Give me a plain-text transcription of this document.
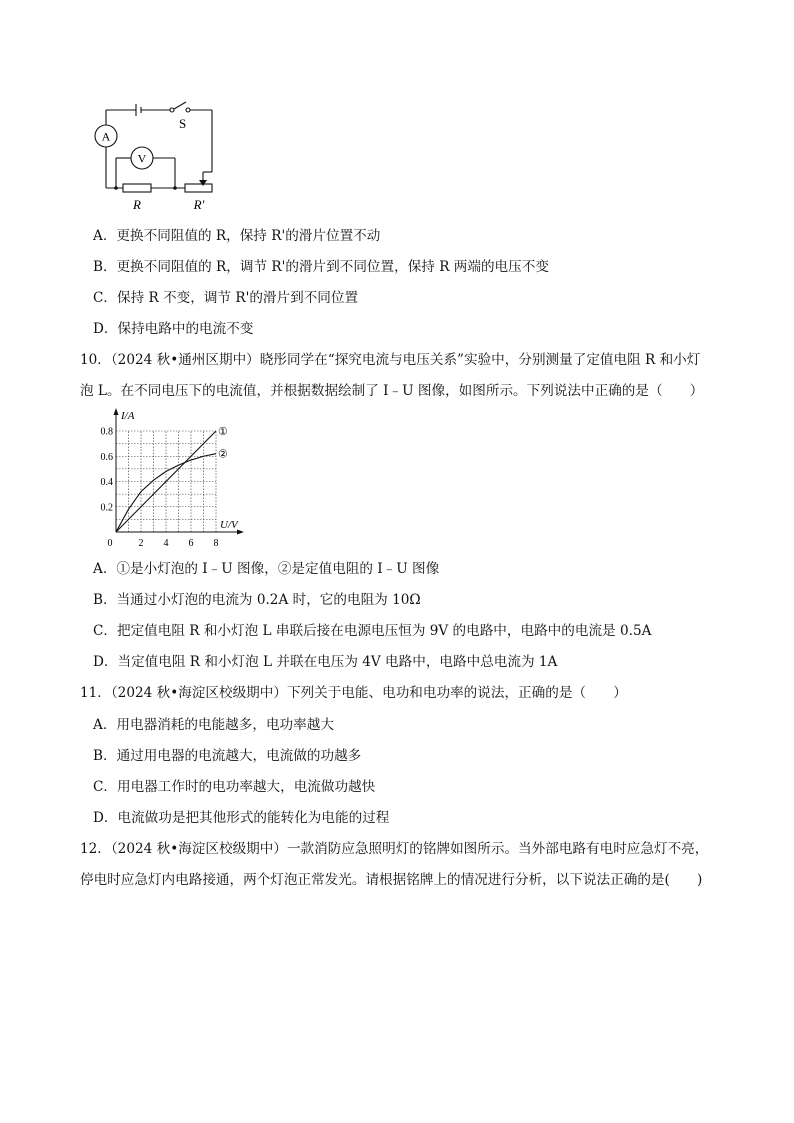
A
V
S
R	R′
A．更换不同阻值的 R，保持 R'的滑片位置不动
B．更换不同阻值的 R，调节 R'的滑片到不同位置，保持 R 两端的电压不变
C．保持 R 不变，调节 R'的滑片到不同位置
D．保持电路中的电流不变
10．（2024 秋•通州区期中）晓彤同学在“探究电流与电压关系”实验中，分别测量了定值电阻 R 和小灯
泡 L。在不同电压下的电流值，并根据数据绘制了 I﹣U 图像，如图所示。下列说法中正确的是（　　）
①
②
2 4 6 8
0.2
0.4
0.6
0.8
0
U/V
I/A
A．①是小灯泡的 I﹣U 图像，②是定值电阻的 I﹣U 图像
B．当通过小灯泡的电流为 0.2A 时，它的电阻为 10Ω
C．把定值电阻 R 和小灯泡 L 串联后接在电源电压恒为 9V 的电路中，电路中的电流是 0.5A
D．当定值电阻 R 和小灯泡 L 并联在电压为 4V 电路中，电路中总电流为 1A
11．（2024 秋•海淀区校级期中）下列关于电能、电功和电功率的说法，正确的是（　　）
A．用电器消耗的电能越多，电功率越大
B．通过用电器的电流越大，电流做的功越多
C．用电器工作时的电功率越大，电流做功越快
D．电流做功是把其他形式的能转化为电能的过程
12．（2024 秋•海淀区校级期中）一款消防应急照明灯的铭牌如图所示。当外部电路有电时应急灯不亮，
停电时应急灯内电路接通，两个灯泡正常发光。请根据铭牌上的情况进行分析，以下说法正确的是(　　)
